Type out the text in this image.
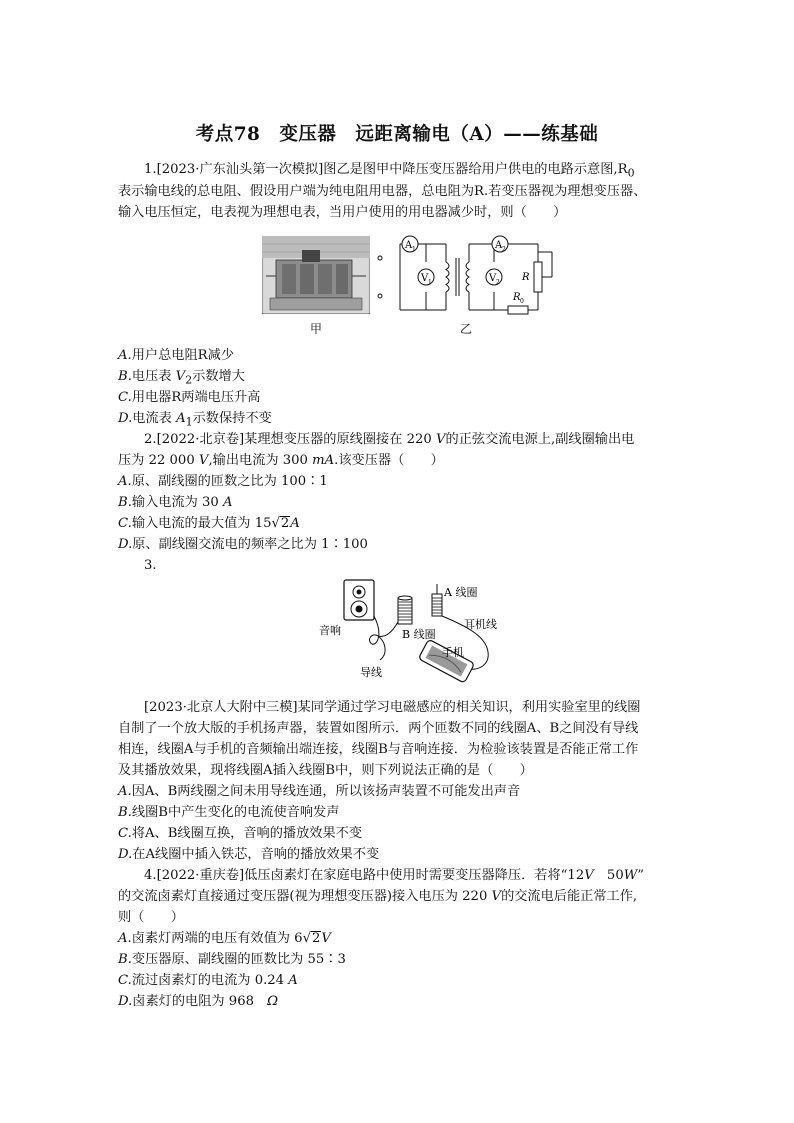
考点78　变压器　远距离输电（A）——练基础
1.[2023·广东汕头第一次模拟]图乙是图甲中降压变压器给用户供电的电路示意图$,R_0$
表示输电线的总电阻、假设用户端为纯电阻用电器，总电阻为R.若变压器视为理想变压器、
输入电压恒定，电表视为理想电表，当用户使用的用电器减少时，则（　　）
甲
A 1
V 1
A 2
V 2 R
R 0
乙
A.用户总电阻R减少
B.电压表 $V_2$示数增大
C.用电器R两端电压升高
D.电流表 $A_1$示数保持不变
2.[2022·北京卷]某理想变压器的原线圈接在 220 V的正弦交流电源上,副线圈输出电
压为 22 000 V,输出电流为 300 mA.该变压器（　　）
A.原、副线圈的匝数之比为 100∶1
B.输入电流为 30 A
C.输入电流的最大值为 15√2A
D.原、副线圈交流电的频率之比为 1∶100
3.
音响	B 线圈
A 线圈
耳机线
导线
手机
[2023·北京人大附中三模]某同学通过学习电磁感应的相关知识，利用实验室里的线圈
自制了一个放大版的手机扬声器，装置如图所示．两个匝数不同的线圈A、B之间没有导线
相连，线圈A与手机的音频输出端连接，线圈B与音响连接．为检验该装置是否能正常工作
及其播放效果，现将线圈A插入线圈B中，则下列说法正确的是（　　）
A.因A、B两线圈之间未用导线连通，所以该扬声装置不可能发出声音
B.线圈B中产生变化的电流使音响发声
C.将A、B线圈互换，音响的播放效果不变
D.在A线圈中插入铁芯，音响的播放效果不变
4.[2022·重庆卷]低压卤素灯在家庭电路中使用时需要变压器降压．若将“12V　50W”
的交流卤素灯直接通过变压器(视为理想变压器)接入电压为 220 V的交流电后能正常工作,
则（　　）
A.卤素灯两端的电压有效值为 6√2V
B.变压器原、副线圈的匝数比为 55∶3
C.流过卤素灯的电流为 0.24 A
D.卤素灯的电阻为 968　Ω
